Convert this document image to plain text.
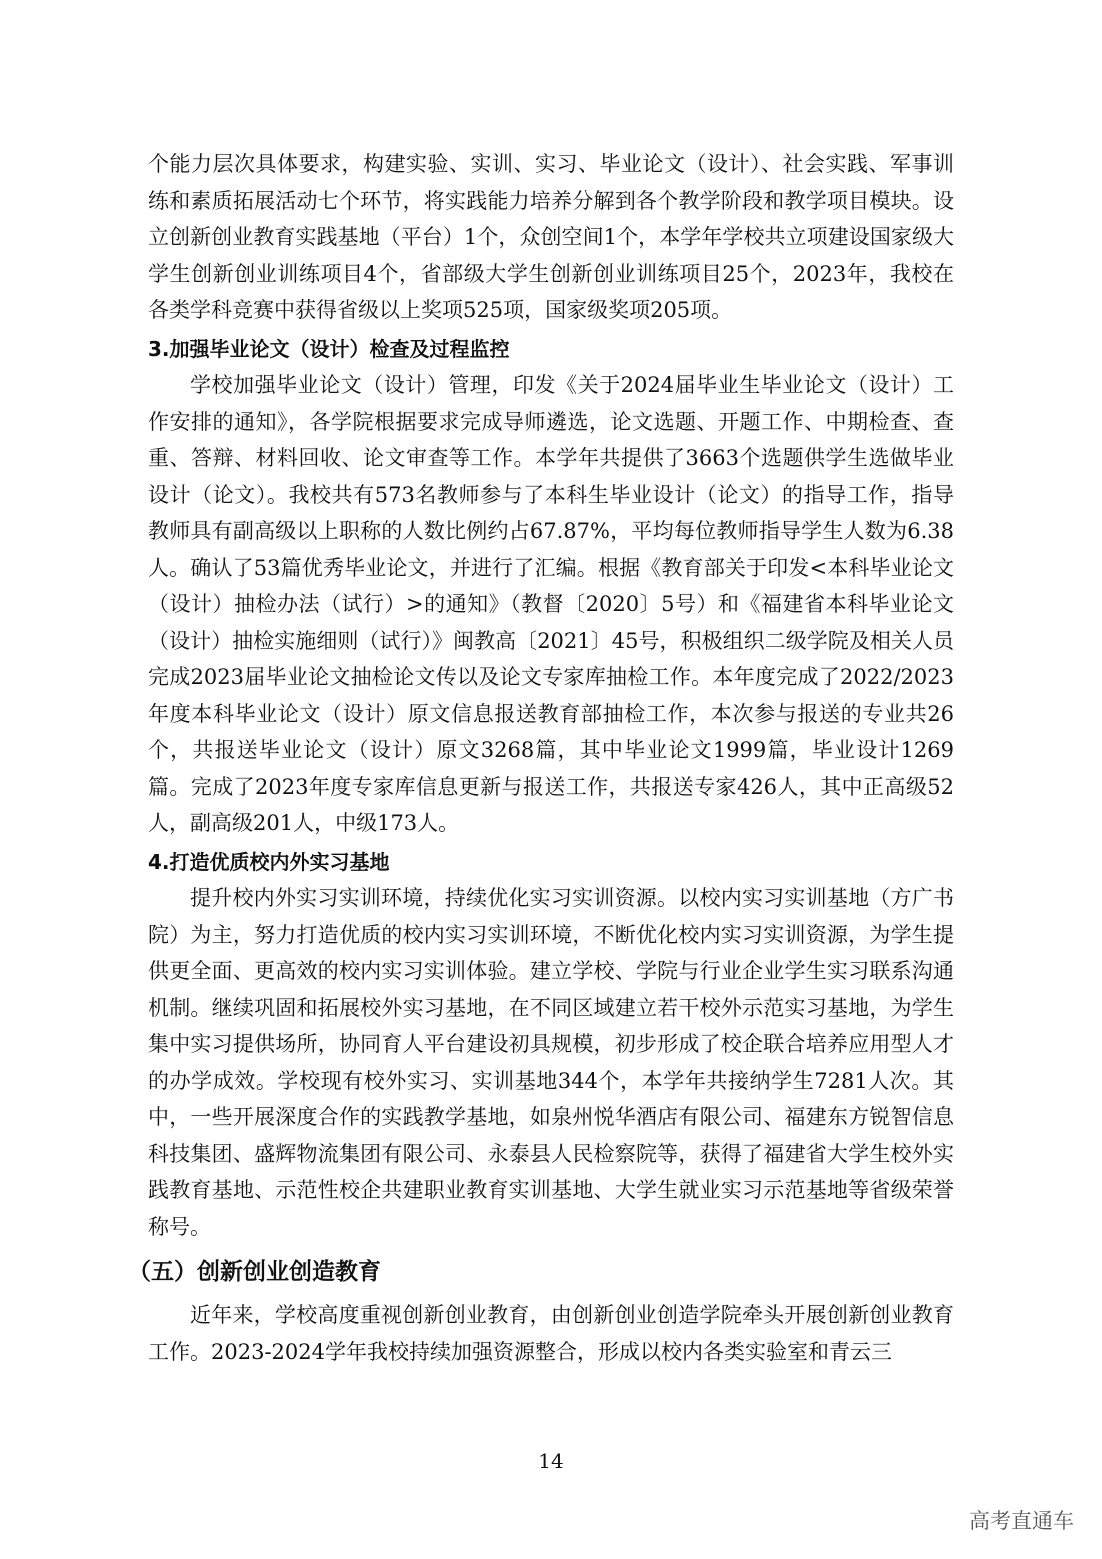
个能力层次具体要求，构建实验、实训、实习、毕业论文（设计）、社会实践、军事训练和素质拓展活动七个环节，将实践能力培养分解到各个教学阶段和教学项目模块。设立创新创业教育实践基地（平台）1个，众创空间1个，本学年学校共立项建设国家级大学生创新创业训练项目4个，省部级大学生创新创业训练项目25个，2023年，我校在各类学科竞赛中获得省级以上奖项525项，国家级奖项205项。

3.加强毕业论文（设计）检查及过程监控

学校加强毕业论文（设计）管理，印发《关于2024届毕业生毕业论文（设计）工作安排的通知》，各学院根据要求完成导师遴选，论文选题、开题工作、中期检查、查重、答辩、材料回收、论文审查等工作。本学年共提供了3663个选题供学生选做毕业设计（论文）。我校共有573名教师参与了本科生毕业设计（论文）的指导工作，指导教师具有副高级以上职称的人数比例约占67.87%，平均每位教师指导学生人数为6.38人。确认了53篇优秀毕业论文，并进行了汇编。根据《教育部关于印发<本科毕业论文（设计）抽检办法（试行）>的通知》（教督〔2020〕5号）和《福建省本科毕业论文（设计）抽检实施细则（试行）》闽教高〔2021〕45号，积极组织二级学院及相关人员完成2023届毕业论文抽检论文传以及论文专家库抽检工作。本年度完成了2022/2023年度本科毕业论文（设计）原文信息报送教育部抽检工作，本次参与报送的专业共26个，共报送毕业论文（设计）原文3268篇，其中毕业论文1999篇，毕业设计1269篇。完成了2023年度专家库信息更新与报送工作，共报送专家426人，其中正高级52人，副高级201人，中级173人。

4.打造优质校内外实习基地

提升校内外实习实训环境，持续优化实习实训资源。以校内实习实训基地（方广书院）为主，努力打造优质的校内实习实训环境，不断优化校内实习实训资源，为学生提供更全面、更高效的校内实习实训体验。建立学校、学院与行业企业学生实习联系沟通机制。继续巩固和拓展校外实习基地，在不同区域建立若干校外示范实习基地，为学生集中实习提供场所，协同育人平台建设初具规模，初步形成了校企联合培养应用型人才的办学成效。学校现有校外实习、实训基地344个，本学年共接纳学生7281人次。其中，一些开展深度合作的实践教学基地，如泉州悦华酒店有限公司、福建东方锐智信息科技集团、盛辉物流集团有限公司、永泰县人民检察院等，获得了福建省大学生校外实践教育基地、示范性校企共建职业教育实训基地、大学生就业实习示范基地等省级荣誉称号。

（五）创新创业创造教育

近年来，学校高度重视创新创业教育，由创新创业创造学院牵头开展创新创业教育工作。2023-2024学年我校持续加强资源整合，形成以校内各类实验室和青云三

14
高考直通车
